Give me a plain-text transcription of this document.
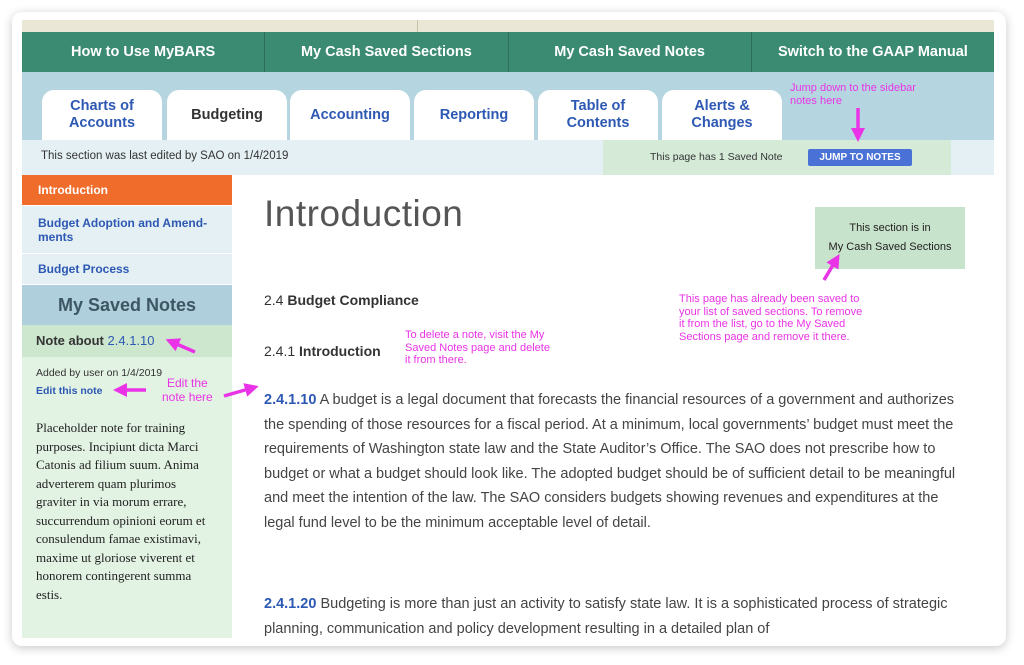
How to Use MyBARS	My Cash Saved Sections	My Cash Saved Notes	Switch to the GAAP Manual
Charts of Accounts
Budgeting	Accounting	Reporting
Table of Contents
Alerts & Changes
This section was last edited by SAO on 1/4/2019	This page has 1 Saved Note	JUMP TO NOTES
Introduction
Budget Adoption and Amend-
ments
Budget Process
My Saved Notes
Note about 2.4.1.10
Added by user on 1/4/2019
Edit this note
Placeholder note for training purposes. Incipiunt dicta Marci Catonis ad filium suum. Anima adverterem quam plurimos graviter in via morum errare, succurrendum opinioni eorum et consulendum famae existimavi, maxime ut gloriose viverent et honorem contingerent summa estis.
Introduction	This section is in
My Cash Saved Sections
2.4 Budget Compliance
2.4.1 Introduction
2.4.1.10 A budget is a legal document that forecasts the financial resources of a government and authorizes the spending of those resources for a fiscal period. At a minimum, local governments’ budget must meet the requirements of Washington state law and the State Auditor’s Office. The SAO does not prescribe how to budget or what a budget should look like. The adopted budget should be of sufficient detail to be meaningful and meet the intention of the law. The SAO considers budgets showing revenues and expenditures at the legal fund level to be the minimum acceptable level of detail.
2.4.1.20 Budgeting is more than just an activity to satisfy state law. It is a sophisticated process of strategic planning, communication and policy development resulting in a detailed plan of
Jump down to the sidebar
notes here
This page has already been saved to
your list of saved sections. To remove
it from the list, go to the My Saved
Sections page and remove it there.
To delete a note, visit the My
Saved Notes page and delete
it from there.
Edit the
note here
